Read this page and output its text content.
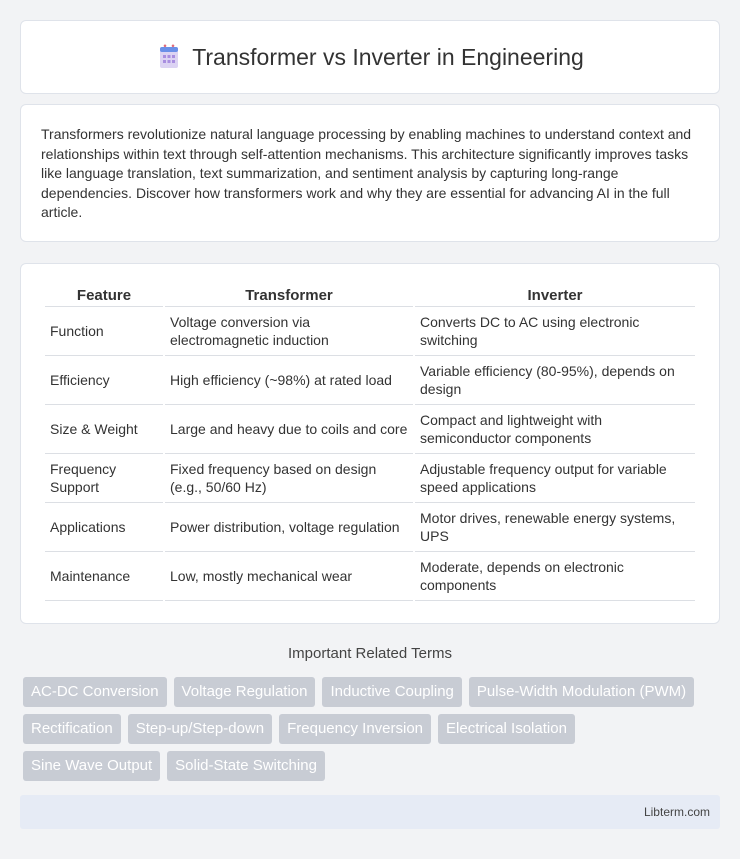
Transformer vs Inverter in Engineering

Transformers revolutionize natural language processing by enabling machines to understand context and relationships within text through self-attention mechanisms. This architecture significantly improves tasks like language translation, text summarization, and sentiment analysis by capturing long-range dependencies. Discover how transformers work and why they are essential for advancing AI in the full article.

Feature	Transformer	Inverter
Function	Voltage conversion via electromagnetic induction	Converts DC to AC using electronic switching
Efficiency	High efficiency (~98%) at rated load	Variable efficiency (80-95%), depends on design
Size & Weight	Large and heavy due to coils and core	Compact and lightweight with semiconductor components
Frequency Support	Fixed frequency based on design (e.g., 50/60 Hz)	Adjustable frequency output for variable speed applications
Applications	Power distribution, voltage regulation	Motor drives, renewable energy systems, UPS
Maintenance	Low, mostly mechanical wear	Moderate, depends on electronic components
Important Related Terms
AC-DC Conversion	Voltage Regulation	Inductive Coupling	Pulse-Width Modulation (PWM)
Rectification	Step-up/Step-down	Frequency Inversion	Electrical Isolation
Sine Wave Output	Solid-State Switching
Libterm.com
